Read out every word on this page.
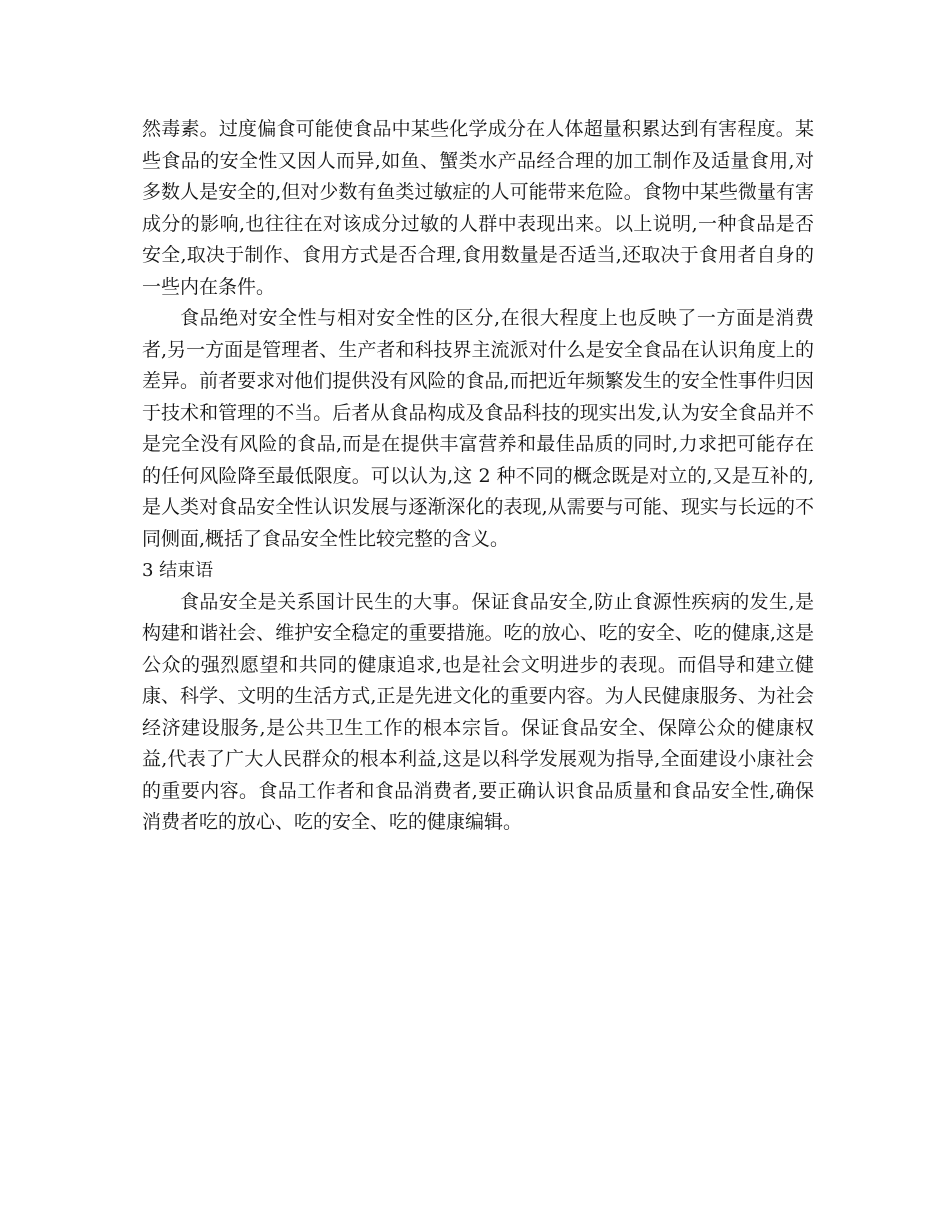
然毒素。过度偏食可能使食品中某些化学成分在人体超量积累达到有害程度。某些食品的安全性又因人而异,如鱼、蟹类水产品经合理的加工制作及适量食用,对多数人是安全的,但对少数有鱼类过敏症的人可能带来危险。食物中某些微量有害成分的影响,也往往在对该成分过敏的人群中表现出来。以上说明,一种食品是否安全,取决于制作、食用方式是否合理,食用数量是否适当,还取决于食用者自身的一些内在条件。

食品绝对安全性与相对安全性的区分,在很大程度上也反映了一方面是消费者,另一方面是管理者、生产者和科技界主流派对什么是安全食品在认识角度上的差异。前者要求对他们提供没有风险的食品,而把近年频繁发生的安全性事件归因于技术和管理的不当。后者从食品构成及食品科技的现实出发,认为安全食品并不是完全没有风险的食品,而是在提供丰富营养和最佳品质的同时,力求把可能存在的任何风险降至最低限度。可以认为,这 2 种不同的概念既是对立的,又是互补的,是人类对食品安全性认识发展与逐渐深化的表现,从需要与可能、现实与长远的不同侧面,概括了食品安全性比较完整的含义。

3 结束语

食品安全是关系国计民生的大事。保证食品安全,防止食源性疾病的发生,是构建和谐社会、维护安全稳定的重要措施。吃的放心、吃的安全、吃的健康,这是公众的强烈愿望和共同的健康追求,也是社会文明进步的表现。而倡导和建立健康、科学、文明的生活方式,正是先进文化的重要内容。为人民健康服务、为社会经济建设服务,是公共卫生工作的根本宗旨。保证食品安全、保障公众的健康权益,代表了广大人民群众的根本利益,这是以科学发展观为指导,全面建设小康社会的重要内容。食品工作者和食品消费者,要正确认识食品质量和食品安全性,确保消费者吃的放心、吃的安全、吃的健康编辑。
